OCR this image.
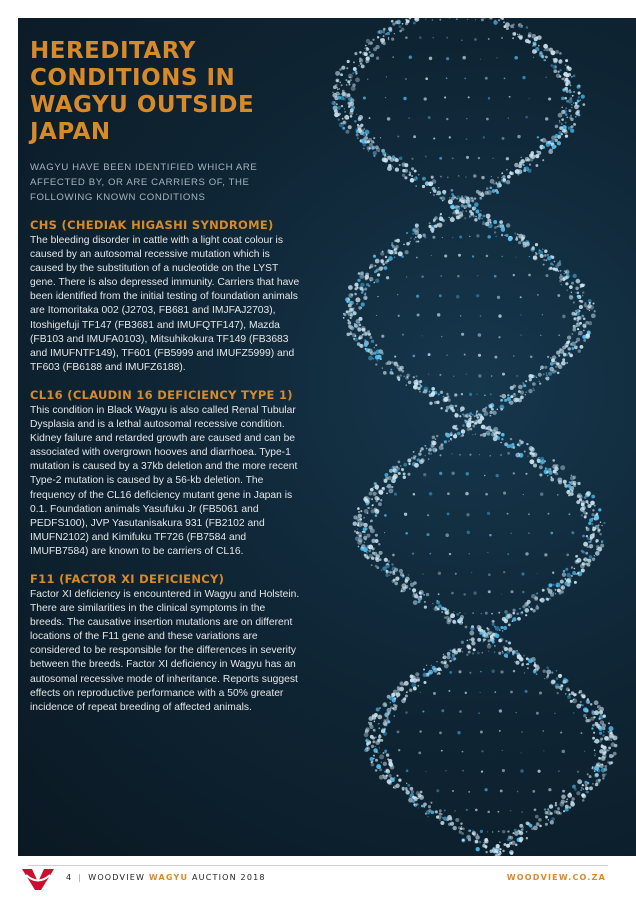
HEREDITARY CONDITIONS IN WAGYU OUTSIDE JAPAN

WAGYU HAVE BEEN IDENTIFIED WHICH ARE AFFECTED BY, OR ARE CARRIERS OF, THE FOLLOWING KNOWN CONDITIONS

CHS (CHEDIAK HIGASHI SYNDROME)

The bleeding disorder in cattle with a light coat colour is caused by an autosomal recessive mutation which is caused by the substitution of a nucleotide on the LYST gene. There is also depressed immunity. Carriers that have been identified from the initial testing of foundation animals are Itomoritaka 002 (J2703, FB681 and IMJFAJ2703), Itoshigefuji TF147 (FB3681 and IMUFQTF147), Mazda (FB103 and IMUFA0103), Mitsuhikokura TF149 (FB3683 and IMUFNTF149), TF601 (FB5999 and IMUFZ5999) and TF603 (FB6188 and IMUFZ6188).

CL16 (CLAUDIN 16 DEFICIENCY TYPE 1)

This condition in Black Wagyu is also called Renal Tubular Dysplasia and is a lethal autosomal recessive condition. Kidney failure and retarded growth are caused and can be associated with overgrown hooves and diarrhoea. Type-1 mutation is caused by a 37kb deletion and the more recent Type-2 mutation is caused by a 56-kb deletion. The frequency of the CL16 deficiency mutant gene in Japan is 0.1. Foundation animals Yasufuku Jr (FB5061 and PEDFS100), JVP Yasutanisakura 931 (FB2102 and IMUFN2102) and Kimifuku TF726 (FB7584 and IMUFB7584) are known to be carriers of CL16.

F11 (FACTOR XI DEFICIENCY)

Factor XI deficiency is encountered in Wagyu and Holstein. There are similarities in the clinical symptoms in the breeds. The causative insertion mutations are on different locations of the F11 gene and these variations are considered to be responsible for the differences in severity between the breeds. Factor XI deficiency in Wagyu has an autosomal recessive mode of inheritance. Reports suggest effects on reproductive performance with a 50% greater incidence of repeat breeding of affected animals.

4 | WOODVIEW WAGYU AUCTION 2018	WOODVIEW.CO.ZA
